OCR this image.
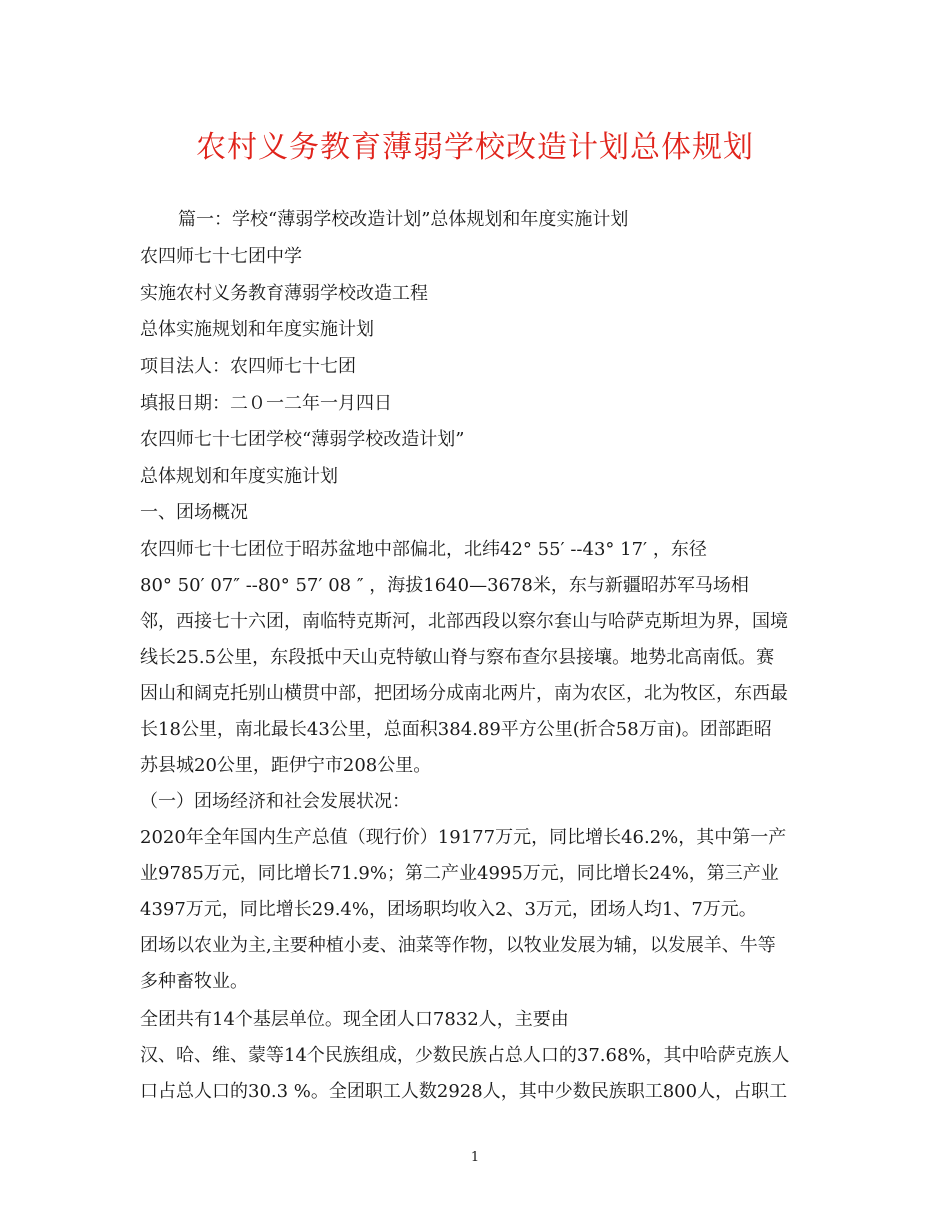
农村义务教育薄弱学校改造计划总体规划
篇一：学校“薄弱学校改造计划”总体规划和年度实施计划
农四师七十七团中学
实施农村义务教育薄弱学校改造工程
总体实施规划和年度实施计划
项目法人：农四师七十七团
填报日期：二０一二年一月四日
农四师七十七团学校“薄弱学校改造计划”
总体规划和年度实施计划
一、团场概况
农四师七十七团位于昭苏盆地中部偏北，北纬42° 55′ --43° 17′ ，东径
80° 50′ 07″ --80° 57′ 08 ″ ，海拔1640—3678米，东与新疆昭苏军马场相
邻，西接七十六团，南临特克斯河，北部西段以察尔套山与哈萨克斯坦为界，国境
线长25.5公里，东段抵中天山克特敏山脊与察布查尔县接壤。地势北高南低。赛
因山和阔克托别山横贯中部，把团场分成南北两片，南为农区，北为牧区，东西最
长18公里，南北最长43公里，总面积384.89平方公里(折合58万亩)。团部距昭
苏县城20公里，距伊宁市208公里。
（一）团场经济和社会发展状况：
2020年全年国内生产总值（现行价）19177万元，同比增长46.2%，其中第一产
业9785万元，同比增长71.9%；第二产业4995万元，同比增长24%，第三产业
4397万元，同比增长29.4%，团场职均收入2、3万元，团场人均1、7万元。
团场以农业为主,主要种植小麦、油菜等作物，以牧业发展为辅，以发展羊、牛等
多种畜牧业。
全团共有14个基层单位。现全团人口7832人，主要由
汉、哈、维、蒙等14个民族组成，少数民族占总人口的37.68%，其中哈萨克族人
口占总人口的30.3 %。全团职工人数2928人，其中少数民族职工800人，占职工
1
